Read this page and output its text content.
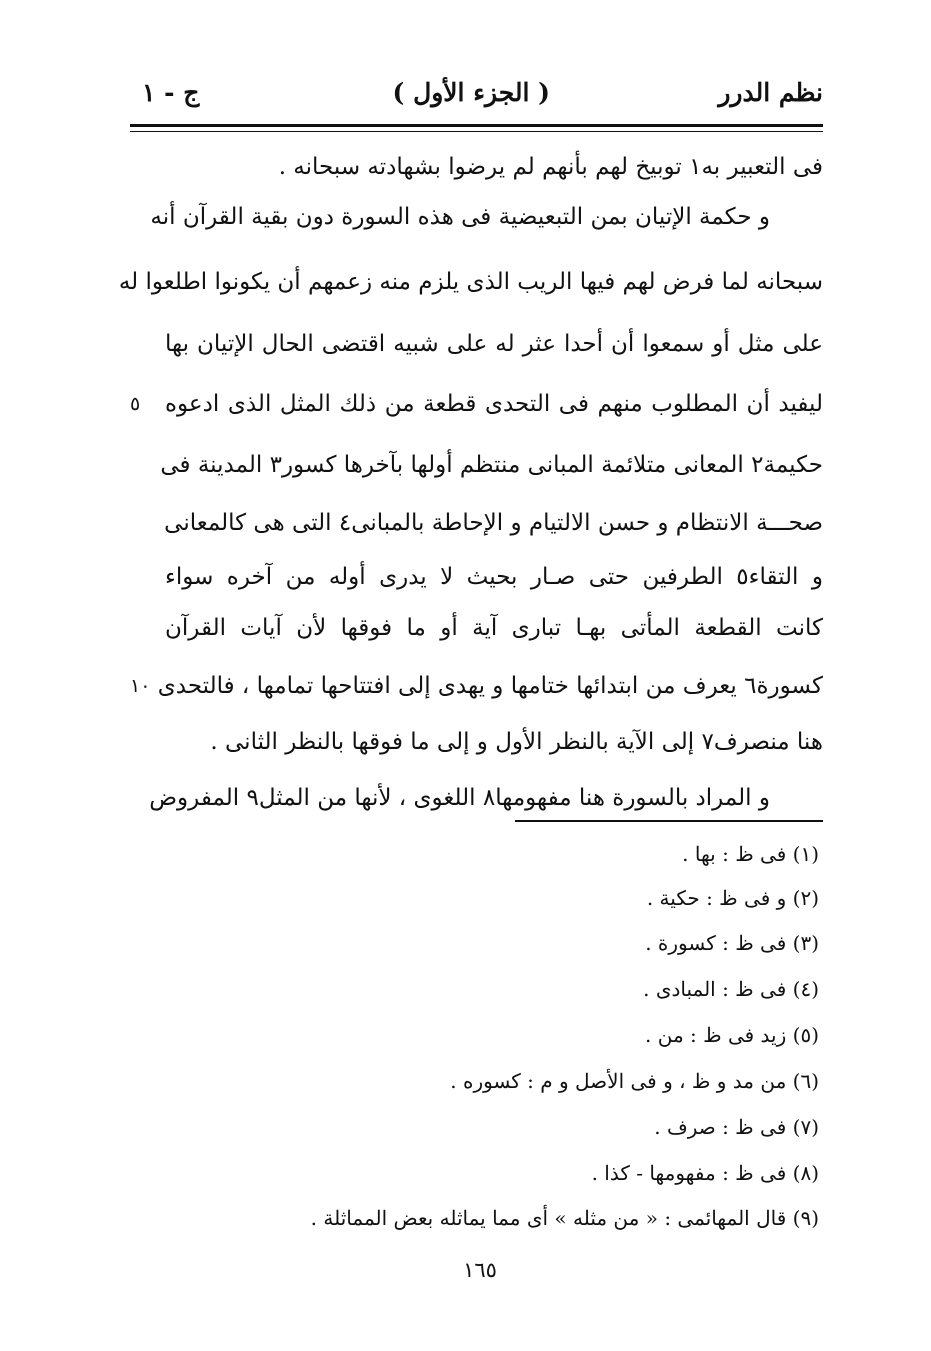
نظم الدرر
( الجزء الأول )
ج - ١
فى التعبير به١ توبيخ لهم بأنهم لم يرضوا بشهادته سبحانه .
و حكمة الإتيان بمن التبعيضية فى هذه السورة دون بقية القرآن أنه
سبحانه لما فرض لهم فيها الريب الذى يلزم منه زعمهم أن يكونوا اطلعوا له
على مثل أو سمعوا أن أحدا عثر له على شبيه اقتضى الحال الإتيان بها
ليفيد أن المطلوب منهم فى التحدى قطعة من ذلك المثل الذى ادعوه
٥
حكيمة٢ المعانى متلائمة المبانى منتظم أولها بآخرها كسور٣ المدينة فى
صحـــة الانتظام و حسن الالتيام و الإحاطة بالمبانى٤ التى هى كالمعانى
و التقاء٥ الطرفين حتى صـار بحيث لا يدرى أوله من آخره سواء
كانت القطعة المأتى بهـا تبارى آية أو ما فوقها لأن آيات القرآن
كسورة٦ يعرف من ابتدائها ختامها و يهدى إلى افتتاحها تمامها ، فالتحدى
١٠
هنا منصرف٧ إلى الآية بالنظر الأول و إلى ما فوقها بالنظر الثانى .
و المراد بالسورة هنا مفهومها٨ اللغوى ، لأنها من المثل٩ المفروض
(١) فى ظ : بها .
(٢) و فى ظ : حكية .
(٣) فى ظ : كسورة .
(٤) فى ظ : المبادى .
(٥) زيد فى ظ : من .
(٦) من مد و ظ ، و فى الأصل و م : كسوره .
(٧) فى ظ : صرف .
(٨) فى ظ : مفهومها - كذا .
(٩) قال المهائمى : « من مثله » أى مما يماثله بعض المماثلة .
١٦٥
